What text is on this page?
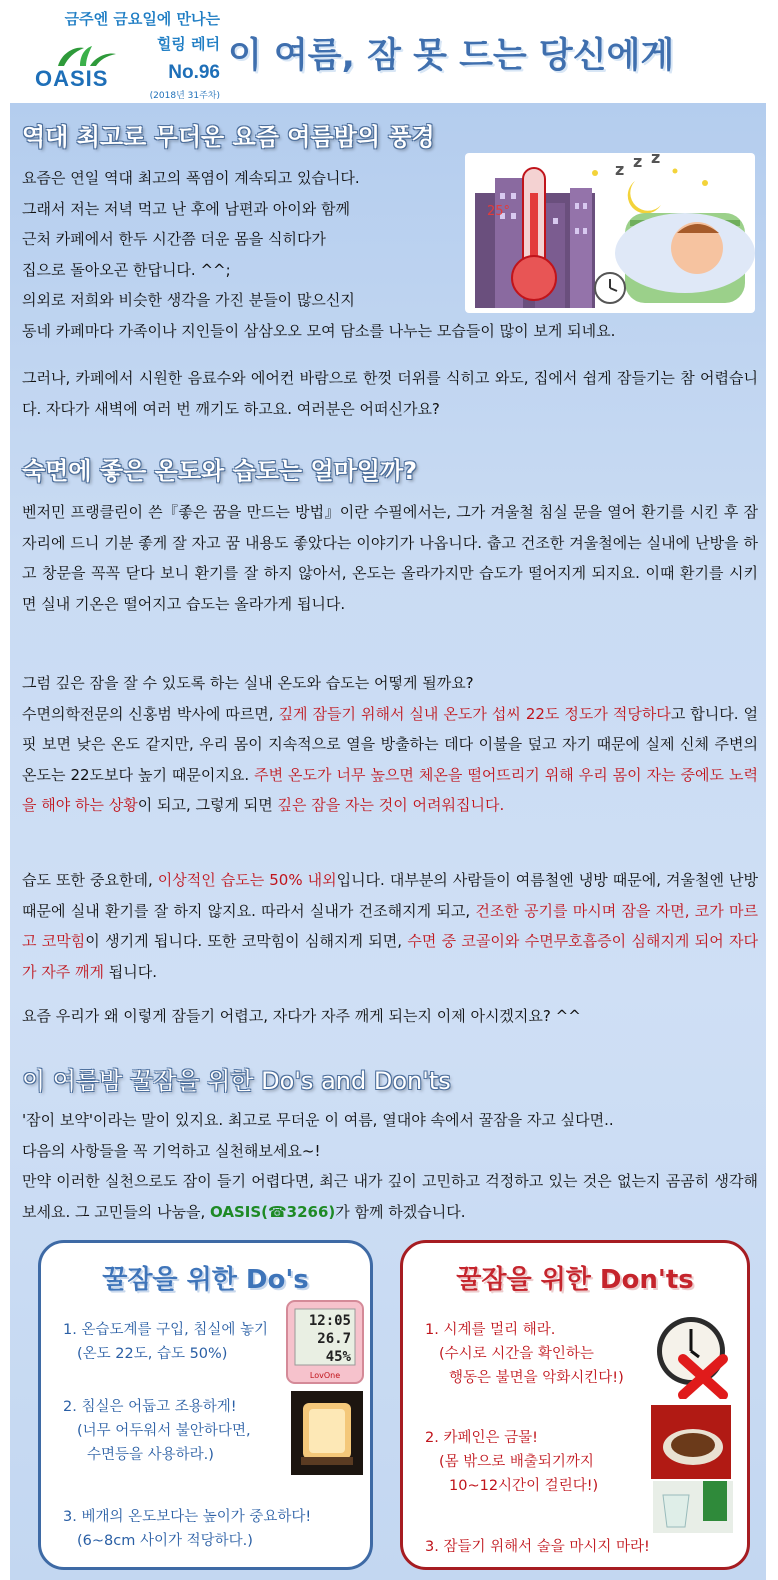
금주엔 금요일에 만나는
힐링 레터
OASIS	No.96
(2018년 31주차)
이 여름, 잠 못 드는 당신에게
역대 최고로 무더운 요즘 여름밤의 풍경
25°
z z z
요즘은 연일 역대 최고의 폭염이 계속되고 있습니다.
그래서 저는 저녁 먹고 난 후에 남편과 아이와 함께
근처 카페에서 한두 시간쯤 더운 몸을 식히다가
집으로 돌아오곤 한답니다. ^^;
의외로 저희와 비슷한 생각을 가진 분들이 많으신지
동네 카페마다 가족이나 지인들이 삼삼오오 모여 담소를 나누는 모습들이 많이 보게 되네요.
그러나, 카페에서 시원한 음료수와 에어컨 바람으로 한껏 더위를 식히고 와도, 집에서 쉽게 잠들기는 참 어렵습니다. 자다가 새벽에 여러 번 깨기도 하고요. 여러분은 어떠신가요?
숙면에 좋은 온도와 습도는 얼마일까?
벤저민 프랭클린이 쓴『좋은 꿈을 만드는 방법』이란 수필에서는, 그가 겨울철 침실 문을 열어 환기를 시킨 후 잠자리에 드니 기분 좋게 잘 자고 꿈 내용도 좋았다는 이야기가 나옵니다. 춥고 건조한 겨울철에는 실내에 난방을 하고 창문을 꼭꼭 닫다 보니 환기를 잘 하지 않아서, 온도는 올라가지만 습도가 떨어지게 되지요. 이때 환기를 시키면 실내 기온은 떨어지고 습도는 올라가게 됩니다.
그럼 깊은 잠을 잘 수 있도록 하는 실내 온도와 습도는 어떻게 될까요?
수면의학전문의 신홍범 박사에 따르면, 깊게 잠들기 위해서 실내 온도가 섭씨 22도 정도가 적당하다고 합니다. 얼핏 보면 낮은 온도 같지만, 우리 몸이 지속적으로 열을 방출하는 데다 이불을 덮고 자기 때문에 실제 신체 주변의 온도는 22도보다 높기 때문이지요. 주변 온도가 너무 높으면 체온을 떨어뜨리기 위해 우리 몸이 자는 중에도 노력을 해야 하는 상황이 되고, 그렇게 되면 깊은 잠을 자는 것이 어려워집니다.
습도 또한 중요한데, 이상적인 습도는 50% 내외입니다. 대부분의 사람들이 여름철엔 냉방 때문에, 겨울철엔 난방 때문에 실내 환기를 잘 하지 않지요. 따라서 실내가 건조해지게 되고, 건조한 공기를 마시며 잠을 자면, 코가 마르고 코막힘이 생기게 됩니다. 또한 코막힘이 심해지게 되면, 수면 중 코골이와 수면무호흡증이 심해지게 되어 자다가 자주 깨게 됩니다.
요즘 우리가 왜 이렇게 잠들기 어렵고, 자다가 자주 깨게 되는지 이제 아시겠지요? ^^
이 여름밤 꿀잠을 위한 Do's and Don'ts
'잠이 보약'이라는 말이 있지요. 최고로 무더운 이 여름, 열대야 속에서 꿀잠을 자고 싶다면..
다음의 사항들을 꼭 기억하고 실천해보세요~!
만약 이러한 실천으로도 잠이 들기 어렵다면, 최근 내가 깊이 고민하고 걱정하고 있는 것은 없는지 곰곰히 생각해보세요. 그 고민들의 나눔을, OASIS(☎3266)가 함께 하겠습니다.
꿀잠을 위한 Do's
1. 온습도계를 구입, 침실에 놓기
(온도 22도, 습도 50%)
12:05
26.7
45%
LovOne
2. 침실은 어둡고 조용하게!
(너무 어두워서 불안하다면,
수면등을 사용하라.)
3. 베개의 온도보다는 높이가 중요하다!
(6~8cm 사이가 적당하다.)
꿀잠을 위한 Don'ts
1. 시계를 멀리 해라.
(수시로 시간을 확인하는
행동은 불면을 악화시킨다!)
2. 카페인은 금물!
(몸 밖으로 배출되기까지
10~12시간이 걸린다!)
3. 잠들기 위해서 술을 마시지 마라!
